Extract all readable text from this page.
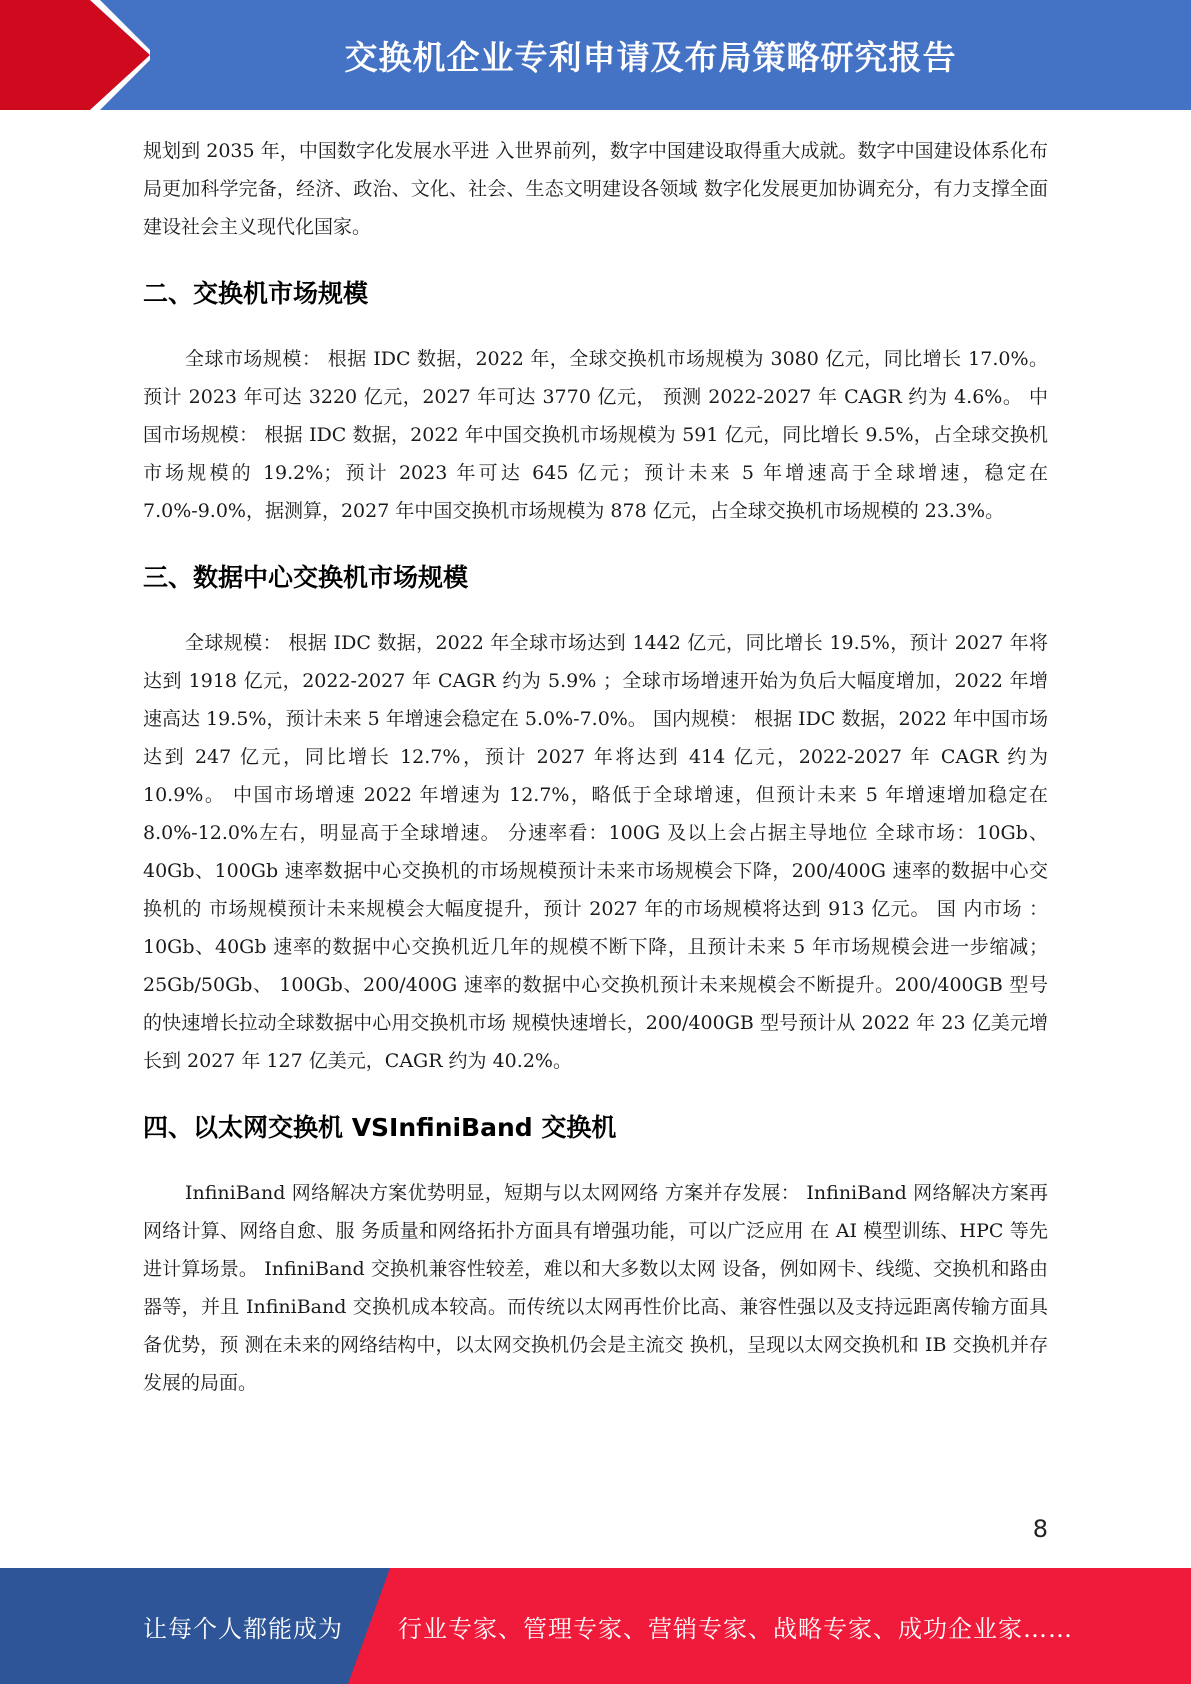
交换机企业专利申请及布局策略研究报告

规划到 2035 年，中国数字化发展水平进 入世界前列，数字中国建设取得重大成就。数字中国建设体系化布局更加科学完备，经济、政治、文化、社会、生态文明建设各领域 数字化发展更加协调充分，有力支撑全面建设社会主义现代化国家。

二、交换机市场规模

全球市场规模： 根据 IDC 数据，2022 年，全球交换机市场规模为 3080 亿元，同比增长 17.0%。预计 2023 年可达 3220 亿元，2027 年可达 3770 亿元， 预测 2022-2027 年 CAGR 约为 4.6%。 中国市场规模： 根据 IDC 数据，2022 年中国交换机市场规模为 591 亿元，同比增长 9.5%，占全球交换机市场规模的 19.2%；预计 2023 年可达 645 亿元；预计未来 5 年增速高于全球增速，稳定在 7.0%-9.0%，据测算，2027 年中国交换机市场规模为 878 亿元，占全球交换机市场规模的 23.3%。

三、数据中心交换机市场规模

全球规模： 根据 IDC 数据，2022 年全球市场达到 1442 亿元，同比增长 19.5%，预计 2027 年将达到 1918 亿元，2022-2027 年 CAGR 约为 5.9% ；全球市场增速开始为负后大幅度增加，2022 年增速高达 19.5%，预计未来 5 年增速会稳定在 5.0%-7.0%。 国内规模： 根据 IDC 数据，2022 年中国市场达到 247 亿元，同比增长 12.7%，预计 2027 年将达到 414 亿元，2022-2027 年 CAGR 约为 10.9%。 中国市场增速 2022 年增速为 12.7%，略低于全球增速，但预计未来 5 年增速增加稳定在 8.0%-12.0%左右，明显高于全球增速。 分速率看：100G 及以上会占据主导地位 全球市场：10Gb、40Gb、100Gb 速率数据中心交换机的市场规模预计未来市场规模会下降，200/400G 速率的数据中心交换机的 市场规模预计未来规模会大幅度提升，预计 2027 年的市场规模将达到 913 亿元。 国 内市场 ： 10Gb、40Gb 速率的数据中心交换机近几年的规模不断下降，且预计未来 5 年市场规模会进一步缩减；25Gb/50Gb、 100Gb、200/400G 速率的数据中心交换机预计未来规模会不断提升。200/400GB 型号的快速增长拉动全球数据中心用交换机市场 规模快速增长，200/400GB 型号预计从 2022 年 23 亿美元增长到 2027 年 127 亿美元，CAGR 约为 40.2%。

四、以太网交换机 VSInfiniBand 交换机

InfiniBand 网络解决方案优势明显，短期与以太网网络 方案并存发展： InfiniBand 网络解决方案再网络计算、网络自愈、服 务质量和网络拓扑方面具有增强功能，可以广泛应用 在 AI 模型训练、HPC 等先进计算场景。 InfiniBand 交换机兼容性较差，难以和大多数以太网 设备，例如网卡、线缆、交换机和路由器等，并且 InfiniBand 交换机成本较高。而传统以太网再性价比高、兼容性强以及支持远距离传输方面具备优势，预 测在未来的网络结构中，以太网交换机仍会是主流交 换机，呈现以太网交换机和 IB 交换机并存发展的局面。

8
让每个人都能成为 行业专家、管理专家、营销专家、战略专家、成功企业家……
